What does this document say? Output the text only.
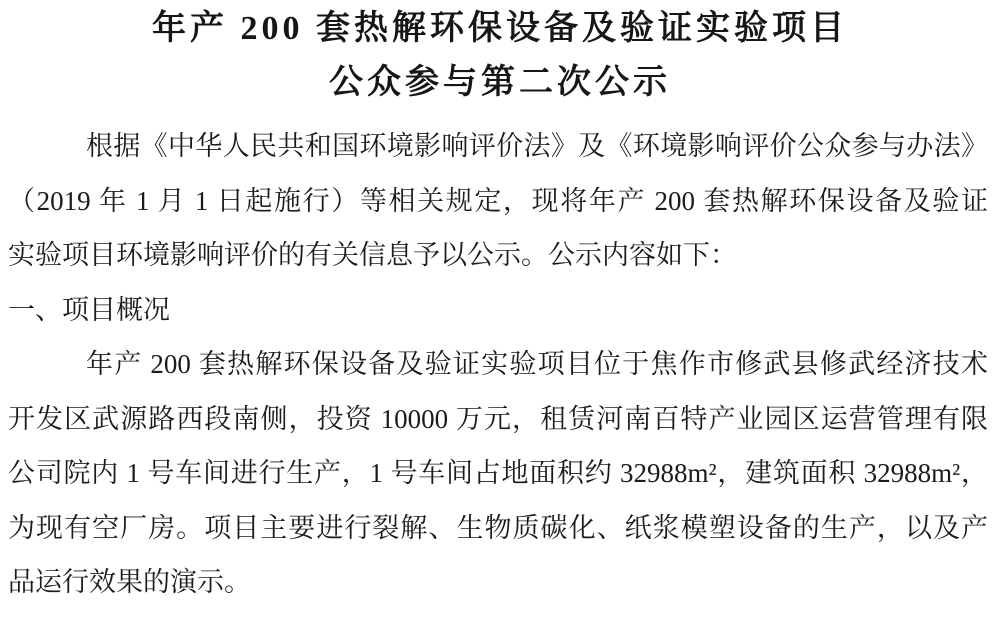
年产 200 套热解环保设备及验证实验项目
公众参与第二次公示

根据《中华人民共和国环境影响评价法》及《环境影响评价公众参与办法》

（2019 年 1 月 1 日起施行）等相关规定，现将年产 200 套热解环保设备及验证

实验项目环境影响评价的有关信息予以公示。公示内容如下：

一、项目概况

年产 200 套热解环保设备及验证实验项目位于焦作市修武县修武经济技术

开发区武源路西段南侧，投资 10000 万元，租赁河南百特产业园区运营管理有限

公司院内 1 号车间进行生产，1 号车间占地面积约 32988m²，建筑面积 32988m²，

为现有空厂房。项目主要进行裂解、生物质碳化、纸浆模塑设备的生产，以及产

品运行效果的演示。
